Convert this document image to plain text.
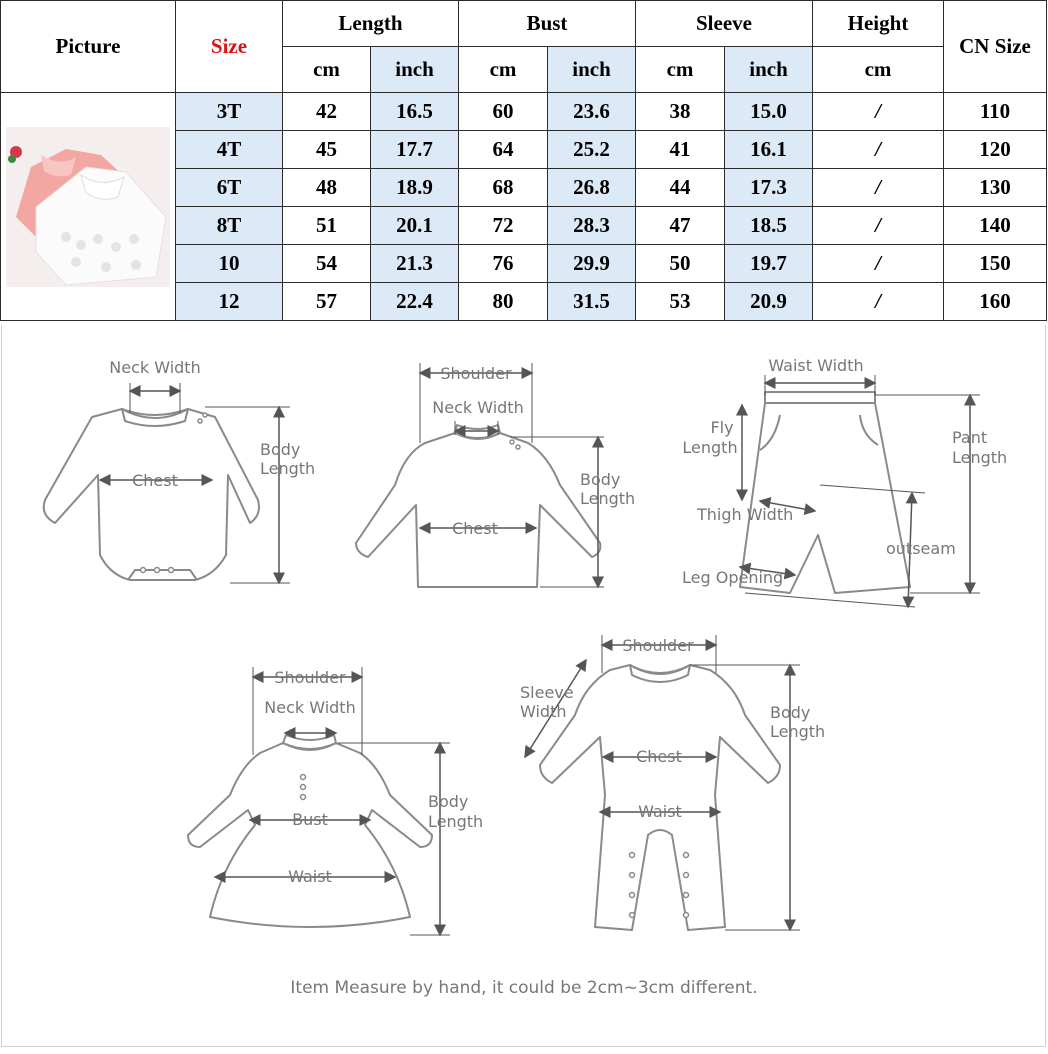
Picture	Size	Length		Bust		Sleeve		Height	CN Size
		cm	inch	cm	inch	cm	inch	cm	

	3T	42	16.5	60	23.6	38	15.0	/	110
	4T	45	17.7	64	25.2	41	16.1	/	120
	6T	48	18.9	68	26.8	44	17.3	/	130
	8T	51	20.1	72	28.3	47	18.5	/	140
	10	54	21.3	76	29.9	50	19.7	/	150
	12	57	22.4	80	31.5	53	20.9	/	160
Neck Width
Chest
Body
Length
Shoulder
Neck Width
Chest
Body
Length
Waist Width
Fly
Length
Pant
Length
Thigh Width
outseam
Leg Opening
Shoulder
Neck Width
Bust
Waist
Body
Length
Shoulder
Sleeve
Width
Chest
Waist
Body
Length
Item Measure by hand, it could be 2cm~3cm different.
